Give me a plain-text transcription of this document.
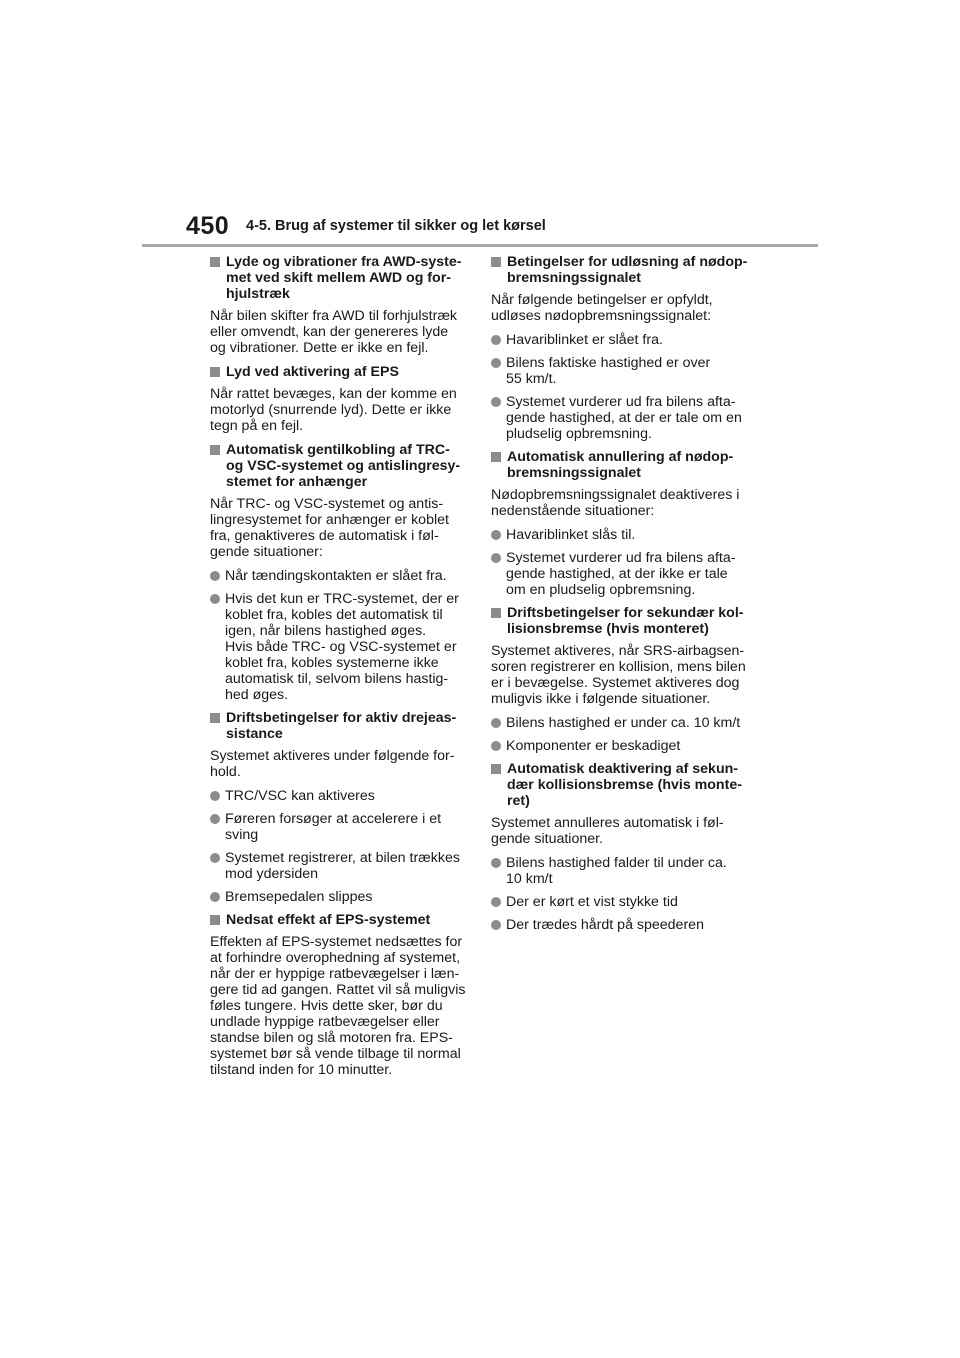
450 4-5. Brug af systemer til sikker og let kørsel
Lyde og vibrationer fra AWD-syste-
met ved skift mellem AWD og for-
hjulstræk
Når bilen skifter fra AWD til forhjulstræk
eller omvendt, kan der genereres lyde
og vibrationer. Dette er ikke en fejl.
Lyd ved aktivering af EPS
Når rattet bevæges, kan der komme en
motorlyd (snurrende lyd). Dette er ikke
tegn på en fejl.
Automatisk gentilkobling af TRC-
og VSC-systemet og antislingresy-
stemet for anhænger
Når TRC- og VSC-systemet og antis-
lingresystemet for anhænger er koblet
fra, genaktiveres de automatisk i føl-
gende situationer:
Når tændingskontakten er slået fra.
Hvis det kun er TRC-systemet, der er
koblet fra, kobles det automatisk til
igen, når bilens hastighed øges.
Hvis både TRC- og VSC-systemet er
koblet fra, kobles systemerne ikke
automatisk til, selvom bilens hastig-
hed øges.
Driftsbetingelser for aktiv drejeas-
sistance
Systemet aktiveres under følgende for-
hold.
TRC/VSC kan aktiveres
Føreren forsøger at accelerere i et
sving
Systemet registrerer, at bilen trækkes
mod ydersiden
Bremsepedalen slippes
Nedsat effekt af EPS-systemet
Effekten af EPS-systemet nedsættes for
at forhindre overophedning af systemet,
når der er hyppige ratbevægelser i læn-
gere tid ad gangen. Rattet vil så muligvis
føles tungere. Hvis dette sker, bør du
undlade hyppige ratbevægelser eller
standse bilen og slå motoren fra. EPS-
systemet bør så vende tilbage til normal
tilstand inden for 10 minutter.
Betingelser for udløsning af nødop-
bremsningssignalet
Når følgende betingelser er opfyldt,
udløses nødopbremsningssignalet:
Havariblinket er slået fra.
Bilens faktiske hastighed er over
55 km/t.
Systemet vurderer ud fra bilens afta-
gende hastighed, at der er tale om en
pludselig opbremsning.
Automatisk annullering af nødop-
bremsningssignalet
Nødopbremsningssignalet deaktiveres i
nedenstående situationer:
Havariblinket slås til.
Systemet vurderer ud fra bilens afta-
gende hastighed, at der ikke er tale
om en pludselig opbremsning.
Driftsbetingelser for sekundær kol-
lisionsbremse (hvis monteret)
Systemet aktiveres, når SRS-airbagsen-
soren registrerer en kollision, mens bilen
er i bevægelse. Systemet aktiveres dog
muligvis ikke i følgende situationer.
Bilens hastighed er under ca. 10 km/t
Komponenter er beskadiget
Automatisk deaktivering af sekun-
dær kollisionsbremse (hvis monte-
ret)
Systemet annulleres automatisk i føl-
gende situationer.
Bilens hastighed falder til under ca.
10 km/t
Der er kørt et vist stykke tid
Der trædes hårdt på speederen
